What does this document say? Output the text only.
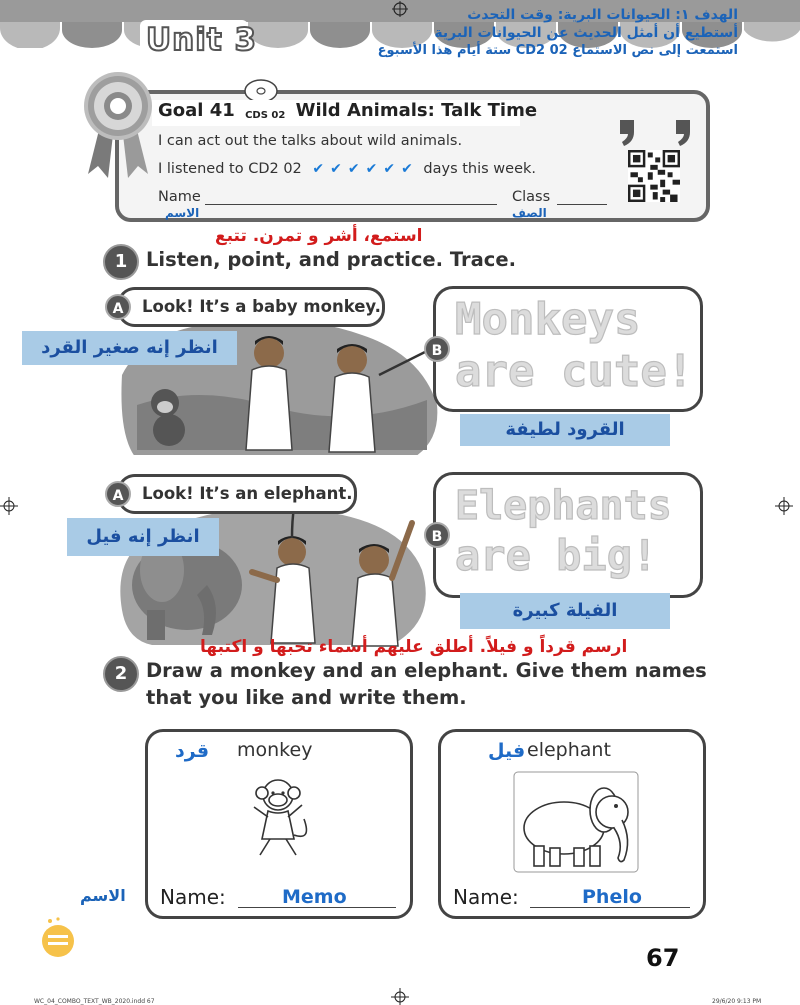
Unit 3
الهدف ١: الحيوانات البرية: وقت التحدث
أستطيع أن أمثل الحديث عن الحيوانات البرية
استمعت إلى نص الاستماع CD2 02 ستة أيام هذا الأسبوع
Goal 41 CDS 02 Wild Animals: Talk Time
I can act out the talks about wild animals.
I listened to CD2 02 ✔ ✔ ✔ ✔ ✔ ✔ days this week.
Name
الاسم
Class
الصف
استمع، أشر و تمرن. تتبع
1 Listen, point, and practice. Trace.
Look! It’s a baby monkey.
A
B
Monkeys
are cute!
انظر إنه صغير القرد
القرود لطيفة
Look! It’s an elephant.
A
B
Elephants
are big!
انظر إنه فيل
الفيلة كبيرة
ارسم قرداً و فيلاً. أطلق عليهم أسماء تحبها و اكتبها
2 Draw a monkey and an elephant. Give them names
that you like and write them.
monkey
قرد
Name:	Memo
الاسم
elephant
فيل
Name:	Phelo
67
WC_04_COMBO_TEXT_WB_2020.indd 67	29/6/20 9:13 PM
